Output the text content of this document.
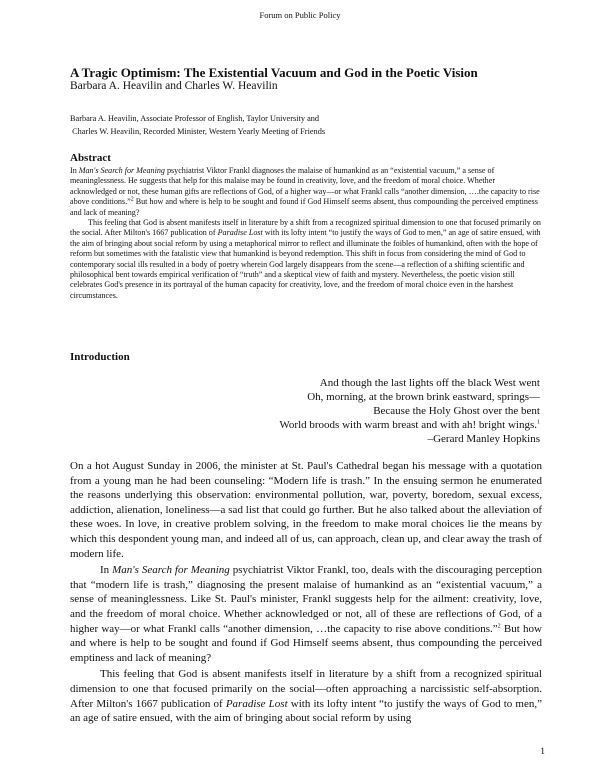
Forum on Public Policy
A Tragic Optimism: The Existential Vacuum and God in the Poetic Vision
Barbara A. Heavilin and Charles W. Heavilin
Barbara A. Heavilin, Associate Professor of English, Taylor University and
Charles W. Heavilin, Recorded Minister, Western Yearly Meeting of Friends
Abstract

In Man's Search for Meaning psychiatrist Viktor Frankl diagnoses the malaise of humankind as an “existential vacuum,” a sense of meaninglessness. He suggests that help for this malaise may be found in creativity, love, and the freedom of moral choice. Whether acknowledged or not, these human gifts are reflections of God, of a higher way—or what Frankl calls “another dimension, ….the capacity to rise above conditions.”$^2$ But how and where is help to be sought and found if God Himself seems absent, thus compounding the perceived emptiness and lack of meaning?

This feeling that God is absent manifests itself in literature by a shift from a recognized spiritual dimension to one that focused primarily on the social. After Milton's 1667 publication of Paradise Lost with its lofty intent “to justify the ways of God to men,” an age of satire ensued, with the aim of bringing about social reform by using a metaphorical mirror to reflect and illuminate the foibles of humankind, often with the hope of reform but sometimes with the fatalistic view that humankind is beyond redemption. This shift in focus from considering the mind of God to contemporary social ills resulted in a body of poetry wherein God largely disappears from the scene—a reflection of a shifting scientific and philosophical bent towards empirical verification of “truth” and a skeptical view of faith and mystery. Nevertheless, the poetic vision still celebrates God's presence in its portrayal of the human capacity for creativity, love, and the freedom of moral choice even in the harshest circumstances.

Introduction
And though the last lights off the black West went
Oh, morning, at the brown brink eastward, springs—
Because the Holy Ghost over the bent
World broods with warm breast and with ah! bright wings.$^1$
–Gerard Manley Hopkins

On a hot August Sunday in 2006, the minister at St. Paul's Cathedral began his message with a quotation from a young man he had been counseling: “Modern life is trash.” In the ensuing sermon he enumerated the reasons underlying this observation: environmental pollution, war, poverty, boredom, sexual excess, addiction, alienation, loneliness—a sad list that could go further. But he also talked about the alleviation of these woes. In love, in creative problem solving, in the freedom to make moral choices lie the means by which this despondent young man, and indeed all of us, can approach, clean up, and clear away the trash of modern life.

In Man's Search for Meaning psychiatrist Viktor Frankl, too, deals with the discouraging perception that “modern life is trash,” diagnosing the present malaise of humankind as an “existential vacuum,” a sense of meaninglessness. Like St. Paul's minister, Frankl suggests help for the ailment: creativity, love, and the freedom of moral choice. Whether acknowledged or not, all of these are reflections of God, of a higher way—or what Frankl calls “another dimension, …the capacity to rise above conditions.”$^2$ But how and where is help to be sought and found if God Himself seems absent, thus compounding the perceived emptiness and lack of meaning?

This feeling that God is absent manifests itself in literature by a shift from a recognized spiritual dimension to one that focused primarily on the social—often approaching a narcissistic self-absorption. After Milton's 1667 publication of Paradise Lost with its lofty intent “to justify the ways of God to men,” an age of satire ensued, with the aim of bringing about social reform by using

1
